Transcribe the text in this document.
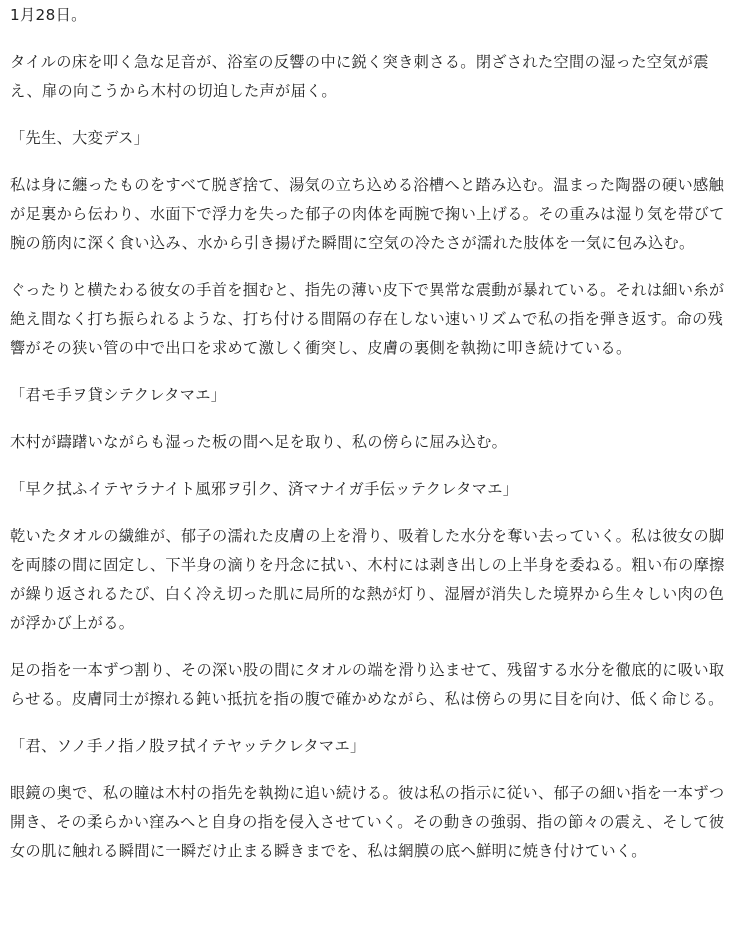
1月28日。

タイルの床を叩く急な足音が、浴室の反響の中に鋭く突き刺さる。閉ざされた空間の湿った空気が震え、扉の向こうから木村の切迫した声が届く。

「先生、大変デス」

私は身に纏ったものをすべて脱ぎ捨て、湯気の立ち込める浴槽へと踏み込む。温まった陶器の硬い感触が足裏から伝わり、水面下で浮力を失った郁子の肉体を両腕で掬い上げる。その重みは湿り気を帯びて腕の筋肉に深く食い込み、水から引き揚げた瞬間に空気の冷たさが濡れた肢体を一気に包み込む。

ぐったりと横たわる彼女の手首を掴むと、指先の薄い皮下で異常な震動が暴れている。それは細い糸が絶え間なく打ち振られるような、打ち付ける間隔の存在しない速いリズムで私の指を弾き返す。命の残響がその狭い管の中で出口を求めて激しく衝突し、皮膚の裏側を執拗に叩き続けている。

「君モ手ヲ貸シテクレタマエ」

木村が躊躇いながらも湿った板の間へ足を取り、私の傍らに屈み込む。

「早ク拭ふイテヤラナイト風邪ヲ引ク、済マナイガ手伝ッテクレタマエ」

乾いたタオルの繊維が、郁子の濡れた皮膚の上を滑り、吸着した水分を奪い去っていく。私は彼女の脚を両膝の間に固定し、下半身の滴りを丹念に拭い、木村には剥き出しの上半身を委ねる。粗い布の摩擦が繰り返されるたび、白く冷え切った肌に局所的な熱が灯り、湿層が消失した境界から生々しい肉の色が浮かび上がる。

足の指を一本ずつ割り、その深い股の間にタオルの端を滑り込ませて、残留する水分を徹底的に吸い取らせる。皮膚同士が擦れる鈍い抵抗を指の腹で確かめながら、私は傍らの男に目を向け、低く命じる。

「君、ソノ手ノ指ノ股ヲ拭イテヤッテクレタマエ」

眼鏡の奥で、私の瞳は木村の指先を執拗に追い続ける。彼は私の指示に従い、郁子の細い指を一本ずつ開き、その柔らかい窪みへと自身の指を侵入させていく。その動きの強弱、指の節々の震え、そして彼女の肌に触れる瞬間に一瞬だけ止まる瞬きまでを、私は網膜の底へ鮮明に焼き付けていく。
